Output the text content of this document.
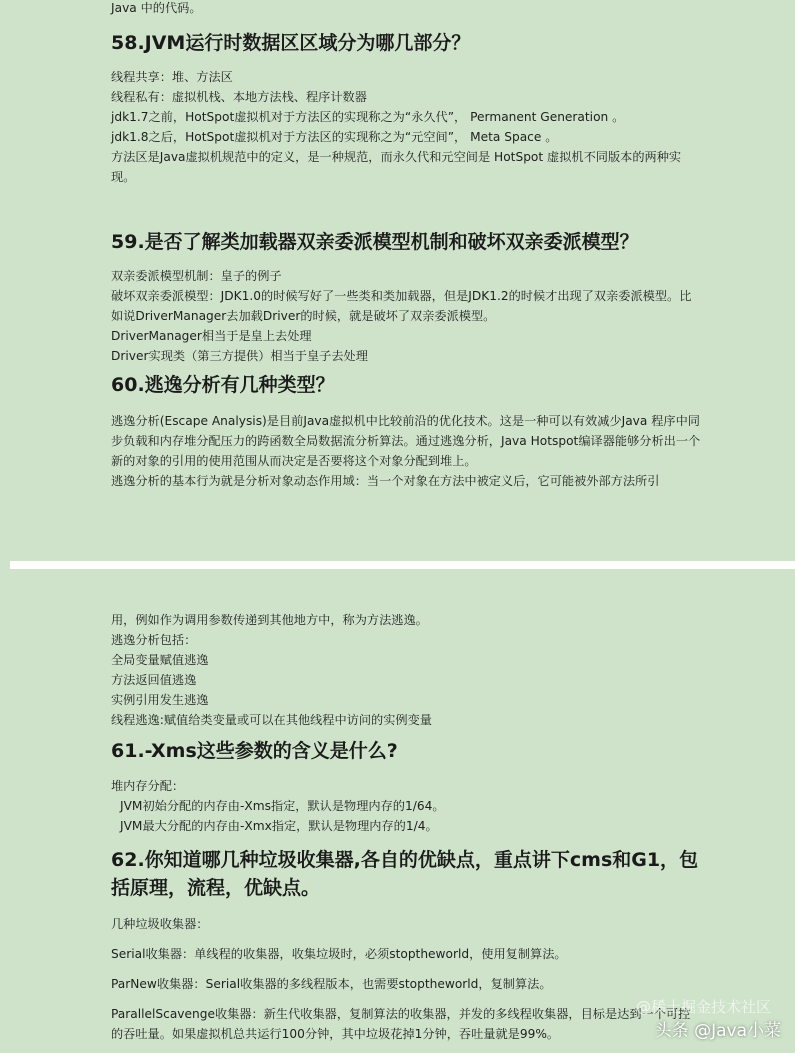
Java 中的代码。

58.JVM运行时数据区区域分为哪几部分？

线程共享：堆、方法区

线程私有：虚拟机栈、本地方法栈、程序计数器

jdk1.7之前，HotSpot虚拟机对于方法区的实现称之为“永久代”， Permanent Generation 。

jdk1.8之后，HotSpot虚拟机对于方法区的实现称之为“元空间”， Meta Space 。

方法区是Java虚拟机规范中的定义，是一种规范，而永久代和元空间是 HotSpot 虚拟机不同版本的两种实现。

59.是否了解类加载器双亲委派模型机制和破坏双亲委派模型？

双亲委派模型机制：皇子的例子

破坏双亲委派模型：JDK1.0的时候写好了一些类和类加载器，但是JDK1.2的时候才出现了双亲委派模型。比如说DriverManager去加载Driver的时候，就是破坏了双亲委派模型。

DriverManager相当于是皇上去处理

Driver实现类（第三方提供）相当于皇子去处理

60.逃逸分析有几种类型？

逃逸分析(Escape Analysis)是目前Java虚拟机中比较前沿的优化技术。这是一种可以有效减少Java 程序中同步负载和内存堆分配压力的跨函数全局数据流分析算法。通过逃逸分析，Java Hotspot编译器能够分析出一个新的对象的引用的使用范围从而决定是否要将这个对象分配到堆上。

逃逸分析的基本行为就是分析对象动态作用域：当一个对象在方法中被定义后，它可能被外部方法所引

用，例如作为调用参数传递到其他地方中，称为方法逃逸。

逃逸分析包括：

全局变量赋值逃逸

方法返回值逃逸

实例引用发生逃逸

线程逃逸:赋值给类变量或可以在其他线程中访问的实例变量

61.-Xms这些参数的含义是什么?

堆内存分配：

JVM初始分配的内存由-Xms指定，默认是物理内存的1/64。

JVM最大分配的内存由-Xmx指定，默认是物理内存的1/4。

62.你知道哪几种垃圾收集器,各自的优缺点，重点讲下cms和G1，包括原理，流程，优缺点。

几种垃圾收集器：

Serial收集器：单线程的收集器，收集垃圾时，必须stoptheworld，使用复制算法。

ParNew收集器：Serial收集器的多线程版本，也需要stoptheworld，复制算法。

ParallelScavenge收集器：新生代收集器，复制算法的收集器，并发的多线程收集器，目标是达到一个可控的吞吐量。如果虚拟机总共运行100分钟，其中垃圾花掉1分钟，吞吐量就是99%。

@稀土掘金技术社区
头条 @Java小菜
